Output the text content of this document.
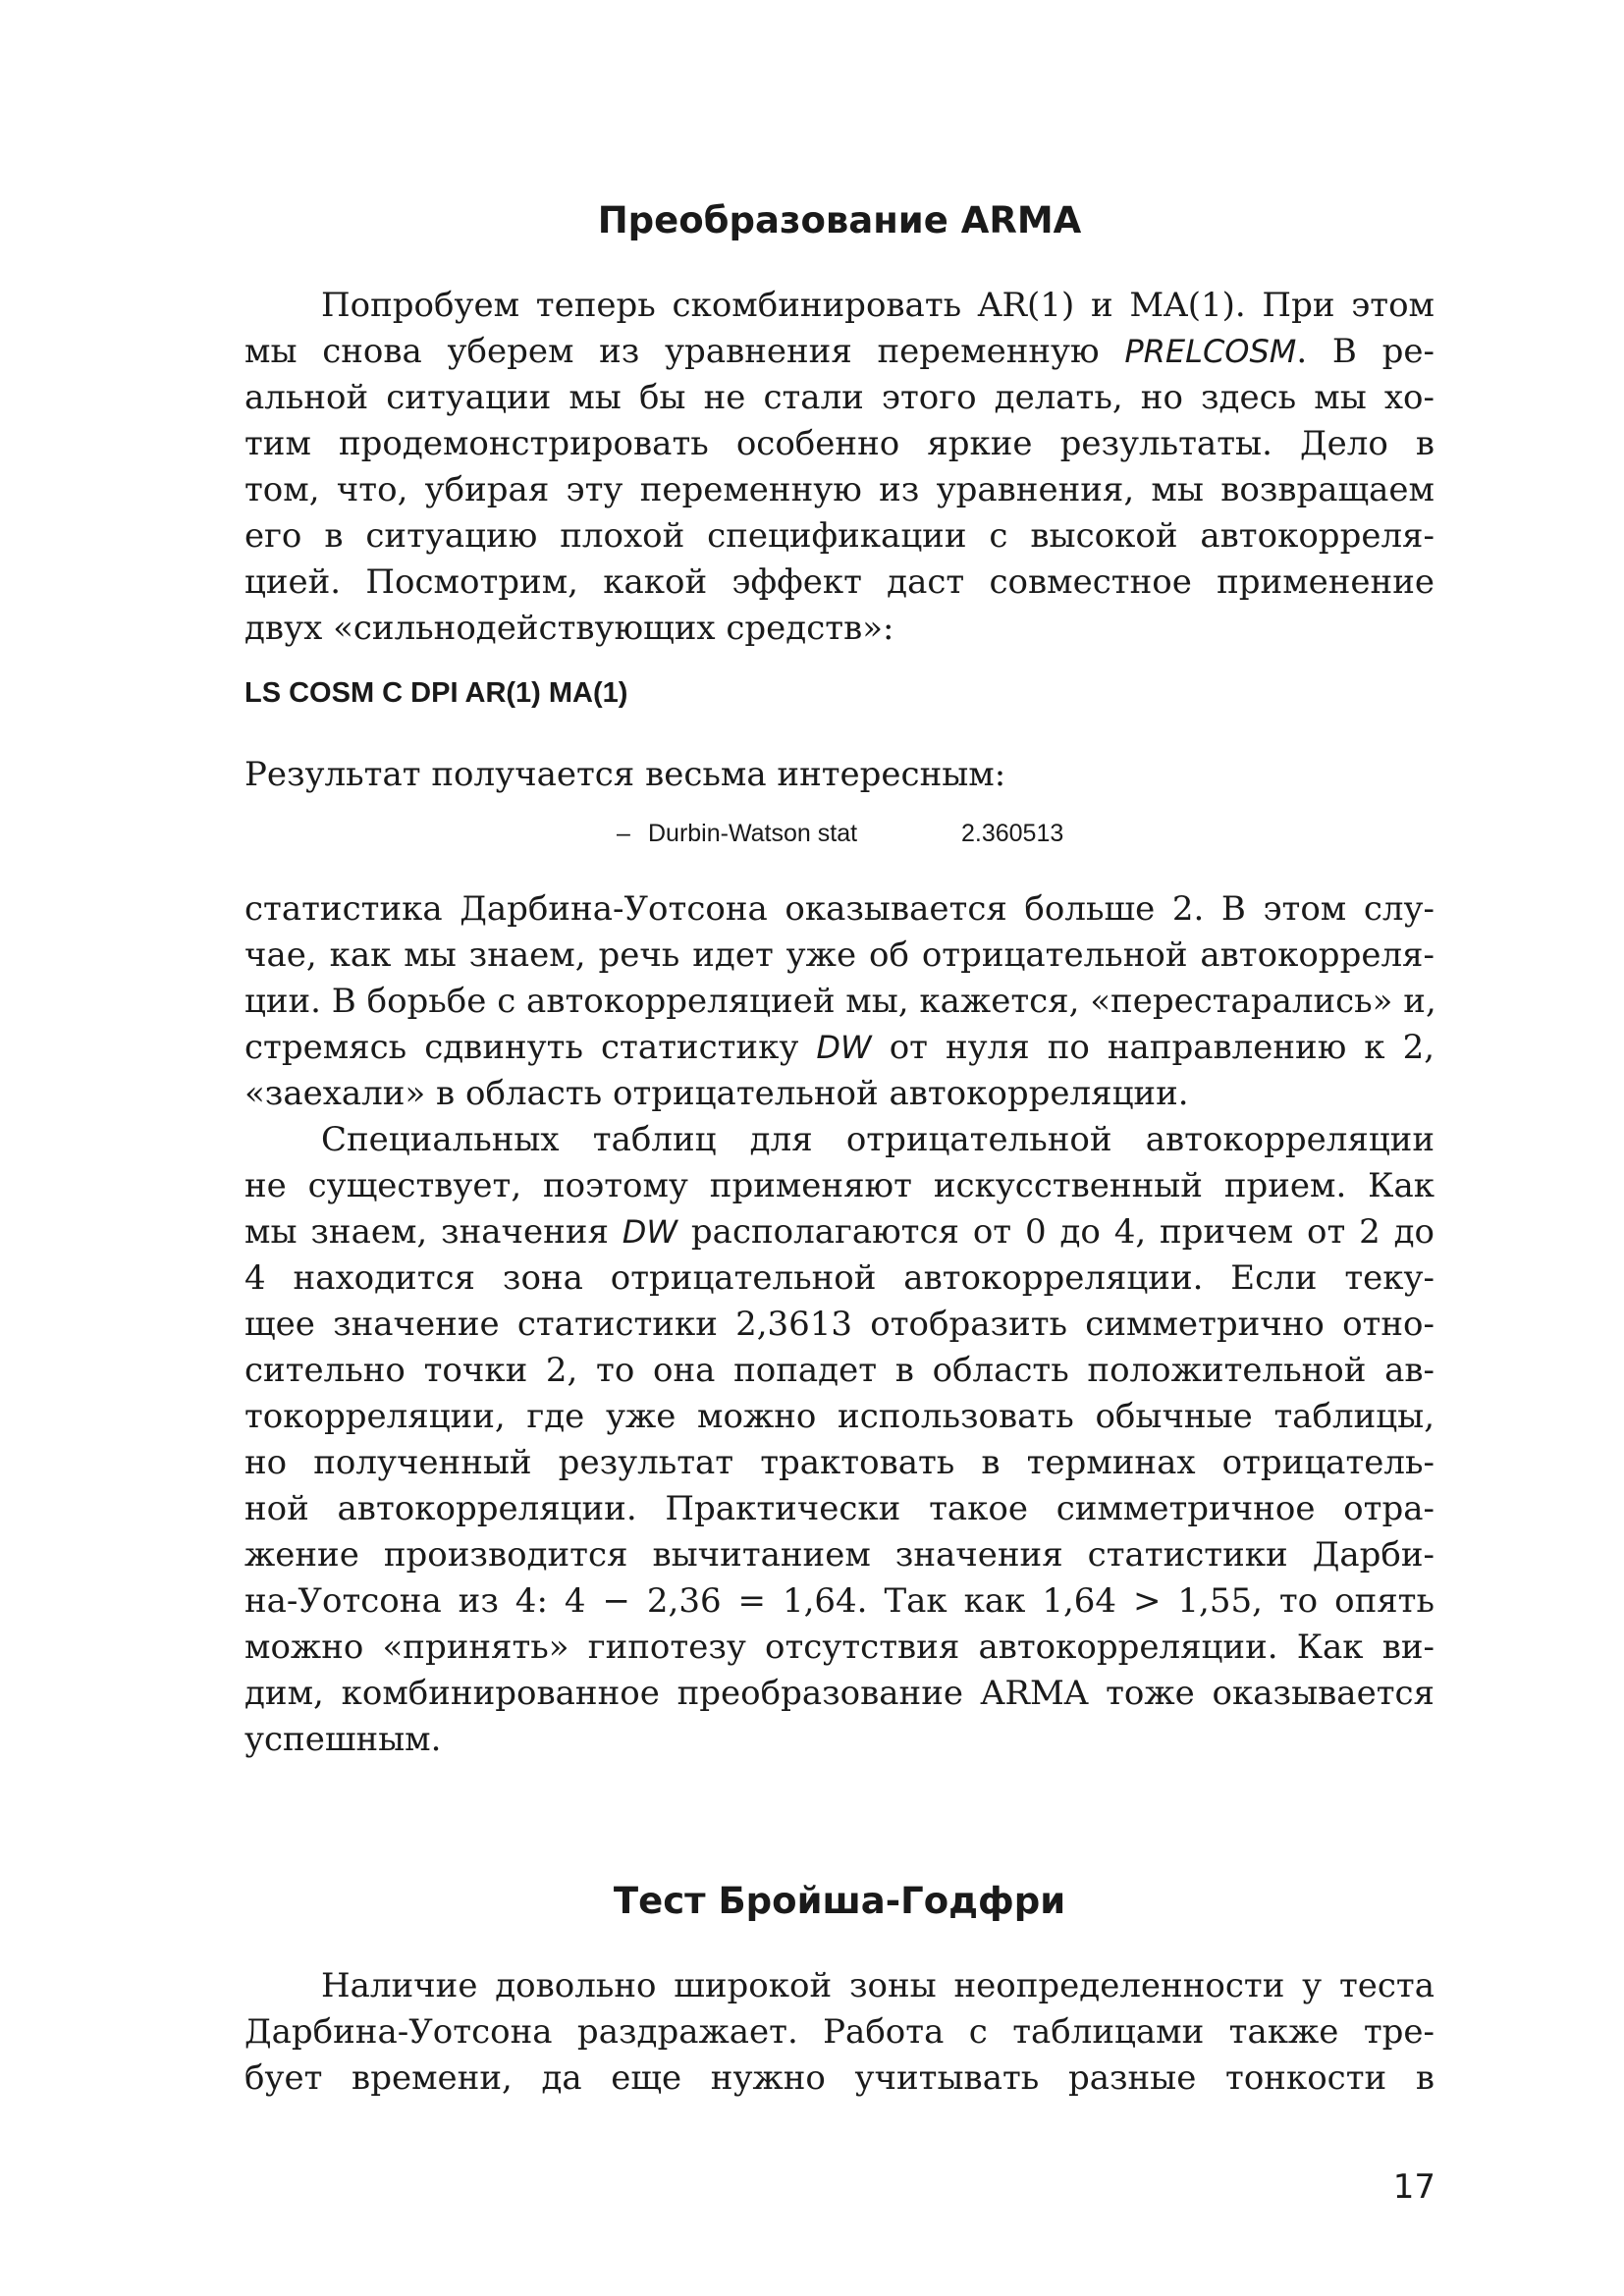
Преобразование ARMA
Попробуем теперь скомбинировать AR(1) и MA(1). При этом
мы снова уберем из уравнения переменную PRELCOSM. В ре-
альной ситуации мы бы не стали этого делать, но здесь мы хо-
тим продемонстрировать особенно яркие результаты. Дело в
том, что, убирая эту переменную из уравнения, мы возвращаем
его в ситуацию плохой спецификации с высокой автокорреля-
цией. Посмотрим, какой эффект даст совместное применение
двух «сильнодействующих средств»:

LS COSM C DPI AR(1) MA(1)

Результат получается весьма интересным:
– Durbin-Watson stat	2.360513
статистика Дарбина-Уотсона оказывается больше 2. В этом слу-
чае, как мы знаем, речь идет уже об отрицательной автокорреля-
ции. В борьбе с автокорреляцией мы, кажется, «перестарались» и,
стремясь сдвинуть статистику DW от нуля по направлению к 2,
«заехали» в область отрицательной автокорреляции.
Специальных таблиц для отрицательной автокорреляции
не существует, поэтому применяют искусственный прием. Как
мы знаем, значения DW располагаются от 0 до 4, причем от 2 до
4 находится зона отрицательной автокорреляции. Если теку-
щее значение статистики 2,3613 отобразить симметрично отно-
сительно точки 2, то она попадет в область положительной ав-
токорреляции, где уже можно использовать обычные таблицы,
но полученный результат трактовать в терминах отрицатель-
ной автокорреляции. Практически такое симметричное отра-
жение производится вычитанием значения статистики Дарби-
на-Уотсона из 4: 4 − 2,36 = 1,64. Так как 1,64 > 1,55, то опять
можно «принять» гипотезу отсутствия автокорреляции. Как ви-
дим, комбинированное преобразование ARMA тоже оказывается
успешным.
Тест Бройша-Годфри
Наличие довольно широкой зоны неопределенности у теста
Дарбина-Уотсона раздражает. Работа с таблицами также тре-
бует времени, да еще нужно учитывать разные тонкости в
17
